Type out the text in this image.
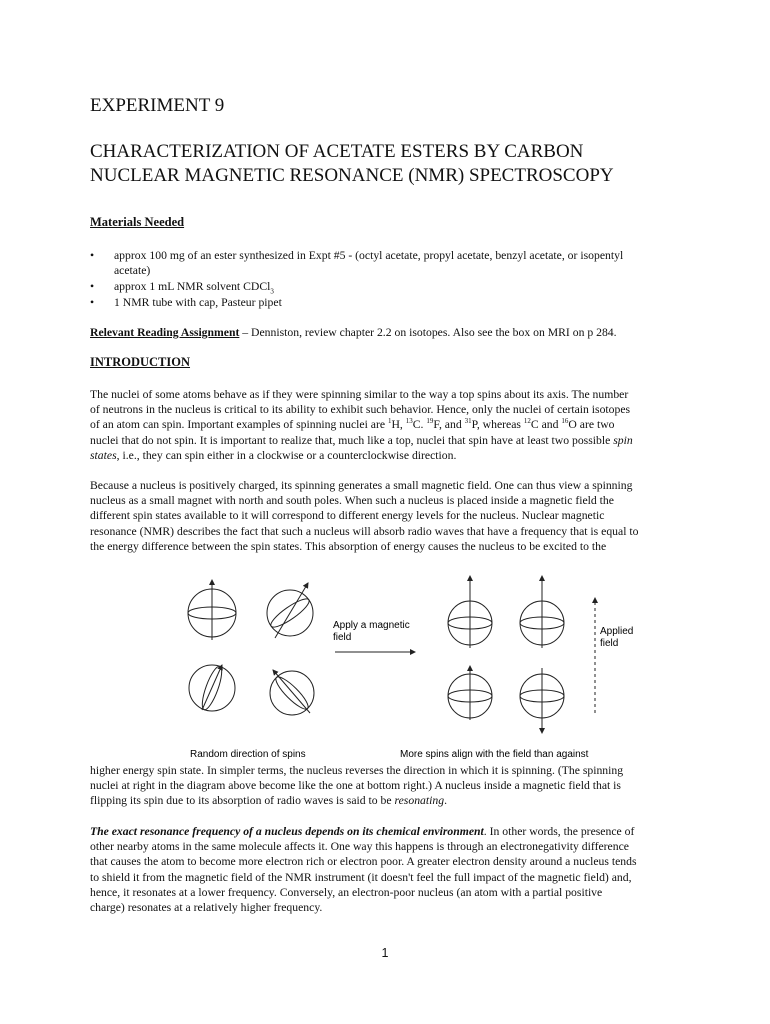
EXPERIMENT 9
CHARACTERIZATION OF ACETATE ESTERS BY CARBON
NUCLEAR MAGNETIC RESONANCE (NMR) SPECTROSCOPY
Materials Needed
• approx 100 mg of an ester synthesized in Expt #5 - (octyl acetate, propyl acetate, benzyl acetate, or isopentyl
acetate)
• approx 1 mL NMR solvent CDCl$_3$
• 1 NMR tube with cap, Pasteur pipet
Relevant Reading Assignment – Denniston, review chapter 2.2 on isotopes. Also see the box on MRI on p 284.
INTRODUCTION
The nuclei of some atoms behave as if they were spinning similar to the way a top spins about its axis. The number
of neutrons in the nucleus is critical to its ability to exhibit such behavior. Hence, only the nuclei of certain isotopes
of an atom can spin. Important examples of spinning nuclei are $^1$H, $^{13}$C. $^{19}$F, and $^{31}$P, whereas $^{12}$C and $^{16}$O are two
nuclei that do not spin. It is important to realize that, much like a top, nuclei that spin have at least two possible spin
states, i.e., they can spin either in a clockwise or a counterclockwise direction.
Because a nucleus is positively charged, its spinning generates a small magnetic field. One can thus view a spinning
nucleus as a small magnet with north and south poles. When such a nucleus is placed inside a magnetic field the
different spin states available to it will correspond to different energy levels for the nucleus. Nuclear magnetic
resonance (NMR) describes the fact that such a nucleus will absorb radio waves that have a frequency that is equal to
the energy difference between the spin states. This absorption of energy causes the nucleus to be excited to the
Apply a magnetic
field
Applied
field
Random direction of spins	More spins align with the field than against
higher energy spin state. In simpler terms, the nucleus reverses the direction in which it is spinning. (The spinning
nuclei at right in the diagram above become like the one at bottom right.) A nucleus inside a magnetic field that is
flipping its spin due to its absorption of radio waves is said to be resonating.
The exact resonance frequency of a nucleus depends on its chemical environment. In other words, the presence of
other nearby atoms in the same molecule affects it. One way this happens is through an electronegativity difference
that causes the atom to become more electron rich or electron poor. A greater electron density around a nucleus tends
to shield it from the magnetic field of the NMR instrument (it doesn't feel the full impact of the magnetic field) and,
hence, it resonates at a lower frequency. Conversely, an electron-poor nucleus (an atom with a partial positive
charge) resonates at a relatively higher frequency.
1
